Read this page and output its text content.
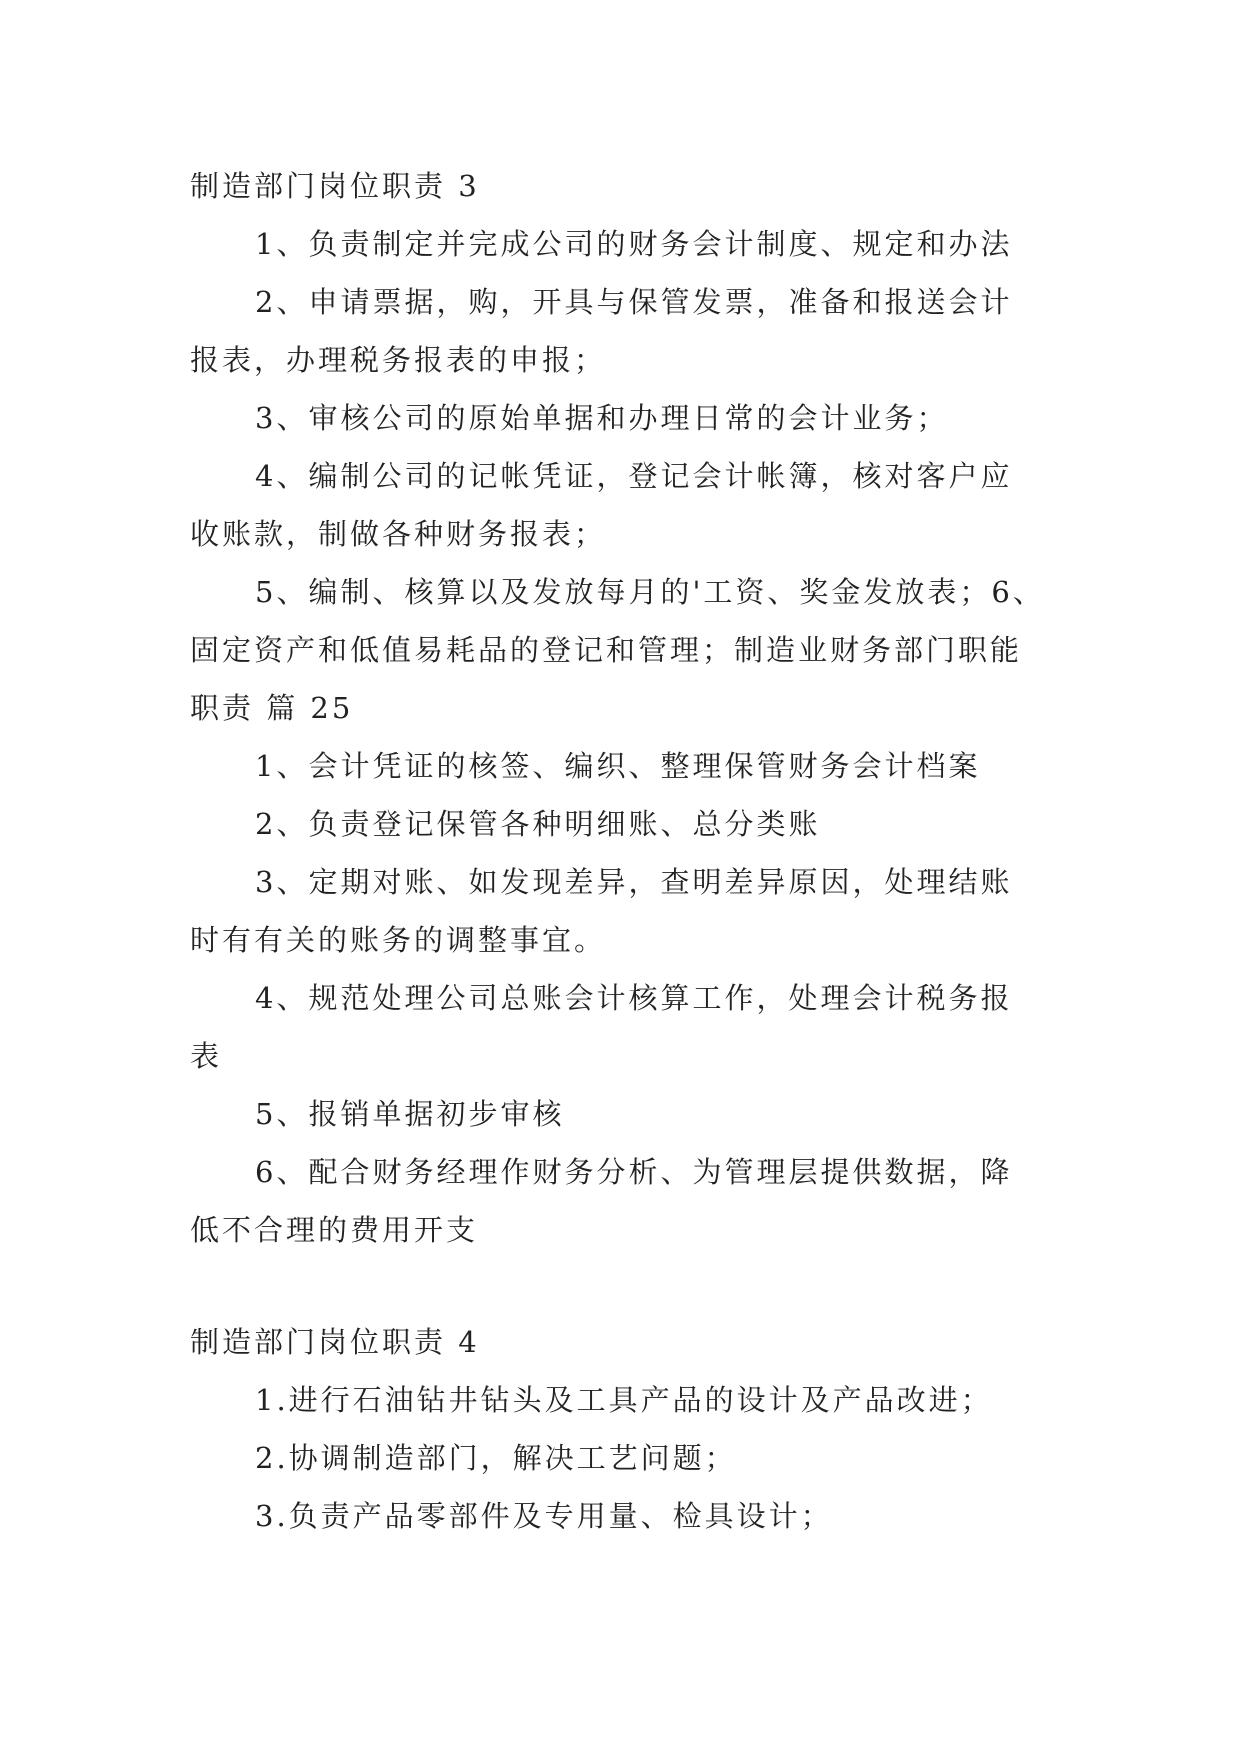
制造部门岗位职责 3
1、负责制定并完成公司的财务会计制度、规定和办法
2、申请票据，购，开具与保管发票，准备和报送会计
报表，办理税务报表的申报；
3、审核公司的原始单据和办理日常的会计业务；
4、编制公司的记帐凭证，登记会计帐簿，核对客户应
收账款，制做各种财务报表；
5、编制、核算以及发放每月的'工资、奖金发放表；6、
固定资产和低值易耗品的登记和管理；制造业财务部门职能
职责 篇 25
1、会计凭证的核签、编织、整理保管财务会计档案
2、负责登记保管各种明细账、总分类账
3、定期对账、如发现差异，查明差异原因，处理结账
时有有关的账务的调整事宜。
4、规范处理公司总账会计核算工作，处理会计税务报
表
5、报销单据初步审核
6、配合财务经理作财务分析、为管理层提供数据，降
低不合理的费用开支
制造部门岗位职责 4
1.进行石油钻井钻头及工具产品的设计及产品改进；
2.协调制造部门，解决工艺问题；
3.负责产品零部件及专用量、检具设计；
